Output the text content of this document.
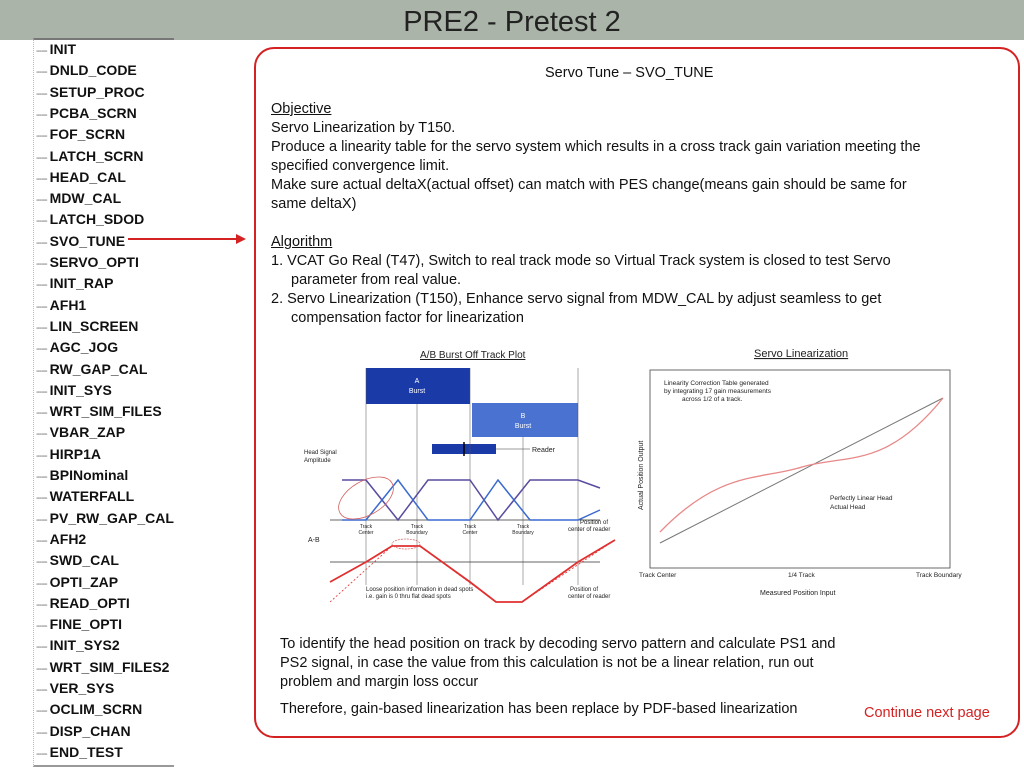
PRE2 - Pretest 2
---- INIT
---- DNLD_CODE
---- SETUP_PROC
---- PCBA_SCRN
---- FOF_SCRN
---- LATCH_SCRN
---- HEAD_CAL
---- MDW_CAL
---- LATCH_SDOD
---- SVO_TUNE
---- SERVO_OPTI
---- INIT_RAP
---- AFH1
---- LIN_SCREEN
---- AGC_JOG
---- RW_GAP_CAL
---- INIT_SYS
---- WRT_SIM_FILES
---- VBAR_ZAP
---- HIRP1A
---- BPINominal
---- WATERFALL
---- PV_RW_GAP_CAL
---- AFH2
---- SWD_CAL
---- OPTI_ZAP
---- READ_OPTI
---- FINE_OPTI
---- INIT_SYS2
---- WRT_SIM_FILES2
---- VER_SYS
---- OCLIM_SCRN
---- DISP_CHAN
---- END_TEST
Servo Tune – SVO_TUNE
Objective
Servo Linearization by T150.
Produce a linearity table for the servo system which results in a cross track gain variation meeting the
specified convergence limit.
Make sure actual deltaX(actual offset) can match with PES change(means gain should be same for
same deltaX)
Algorithm
1. VCAT Go Real (T47), Switch to real track mode so Virtual Track system is closed to test Servo
parameter from real value.
2. Servo Linearization (T150), Enhance servo signal from MDW_CAL by adjust seamless to get
compensation factor for linearization
A/B Burst Off Track Plot
A
Burst
B
Burst
Reader
Head Signal
Amplitude
Track
Center
Track
Boundary
Track
Center
Track
Boundary
Position of
center of reader
A-B
Loose position information in dead spots
i.e. gain is 0 thru flat dead spots
Position of
center of reader
Servo Linearization
Linearity Correction Table generated
by integrating 17 gain measurements
across 1/2 of a track.
Perfectly Linear Head
Actual Head
Actual Position Output
Track Center	1/4 Track	Track Boundary
Measured Position Input
To identify the head position on track by decoding servo pattern and calculate PS1 and
PS2 signal, in case the value from this calculation is not be a linear relation, run out
problem and margin loss occur
Therefore, gain-based linearization has been replace by PDF-based linearization	Continue next page
